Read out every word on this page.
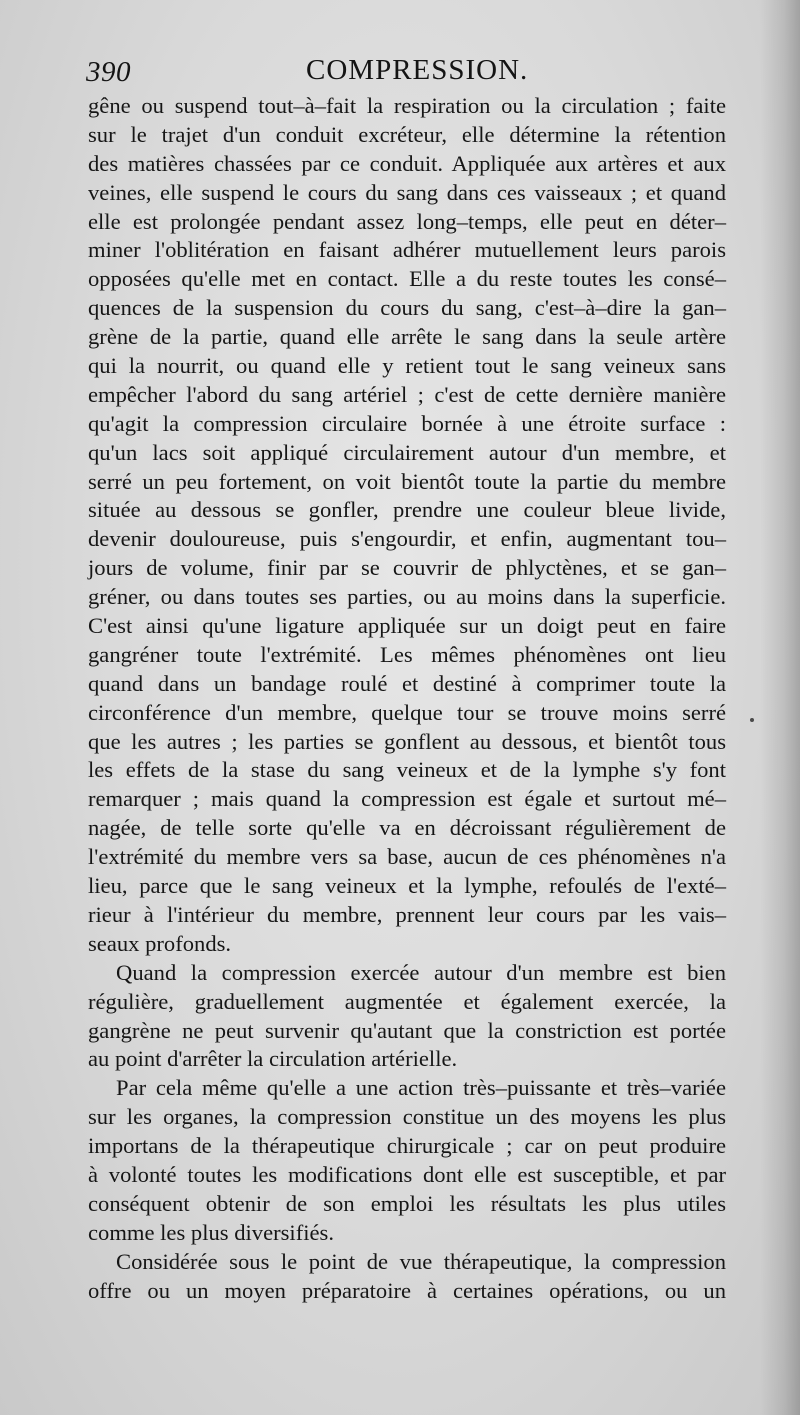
390	COMPRESSION.
gêne ou suspend tout–à–fait la respiration ou la circulation ; faite
sur le trajet d'un conduit excréteur, elle détermine la rétention
des matières chassées par ce conduit. Appliquée aux artères et aux
veines, elle suspend le cours du sang dans ces vaisseaux ; et quand
elle est prolongée pendant assez long–temps, elle peut en déter–
miner l'oblitération en faisant adhérer mutuellement leurs parois
opposées qu'elle met en contact. Elle a du reste toutes les consé–
quences de la suspension du cours du sang, c'est–à–dire la gan–
grène de la partie, quand elle arrête le sang dans la seule artère
qui la nourrit, ou quand elle y retient tout le sang veineux sans
empêcher l'abord du sang artériel ; c'est de cette dernière manière
qu'agit la compression circulaire bornée à une étroite surface :
qu'un lacs soit appliqué circulairement autour d'un membre, et
serré un peu fortement, on voit bientôt toute la partie du membre
située au dessous se gonfler, prendre une couleur bleue livide,
devenir douloureuse, puis s'engourdir, et enfin, augmentant tou–
jours de volume, finir par se couvrir de phlyctènes, et se gan–
gréner, ou dans toutes ses parties, ou au moins dans la superficie.
C'est ainsi qu'une ligature appliquée sur un doigt peut en faire
gangréner toute l'extrémité. Les mêmes phénomènes ont lieu
quand dans un bandage roulé et destiné à comprimer toute la
circonférence d'un membre, quelque tour se trouve moins serré
que les autres ; les parties se gonflent au dessous, et bientôt tous
les effets de la stase du sang veineux et de la lymphe s'y font
remarquer ; mais quand la compression est égale et surtout mé–
nagée, de telle sorte qu'elle va en décroissant régulièrement de
l'extrémité du membre vers sa base, aucun de ces phénomènes n'a
lieu, parce que le sang veineux et la lymphe, refoulés de l'exté–
rieur à l'intérieur du membre, prennent leur cours par les vais–
seaux profonds.
Quand la compression exercée autour d'un membre est bien
régulière, graduellement augmentée et également exercée, la
gangrène ne peut survenir qu'autant que la constriction est portée
au point d'arrêter la circulation artérielle.
Par cela même qu'elle a une action très–puissante et très–variée
sur les organes, la compression constitue un des moyens les plus
importans de la thérapeutique chirurgicale ; car on peut produire
à volonté toutes les modifications dont elle est susceptible, et par
conséquent obtenir de son emploi les résultats les plus utiles
comme les plus diversifiés.
Considérée sous le point de vue thérapeutique, la compression
offre ou un moyen préparatoire à certaines opérations, ou un
